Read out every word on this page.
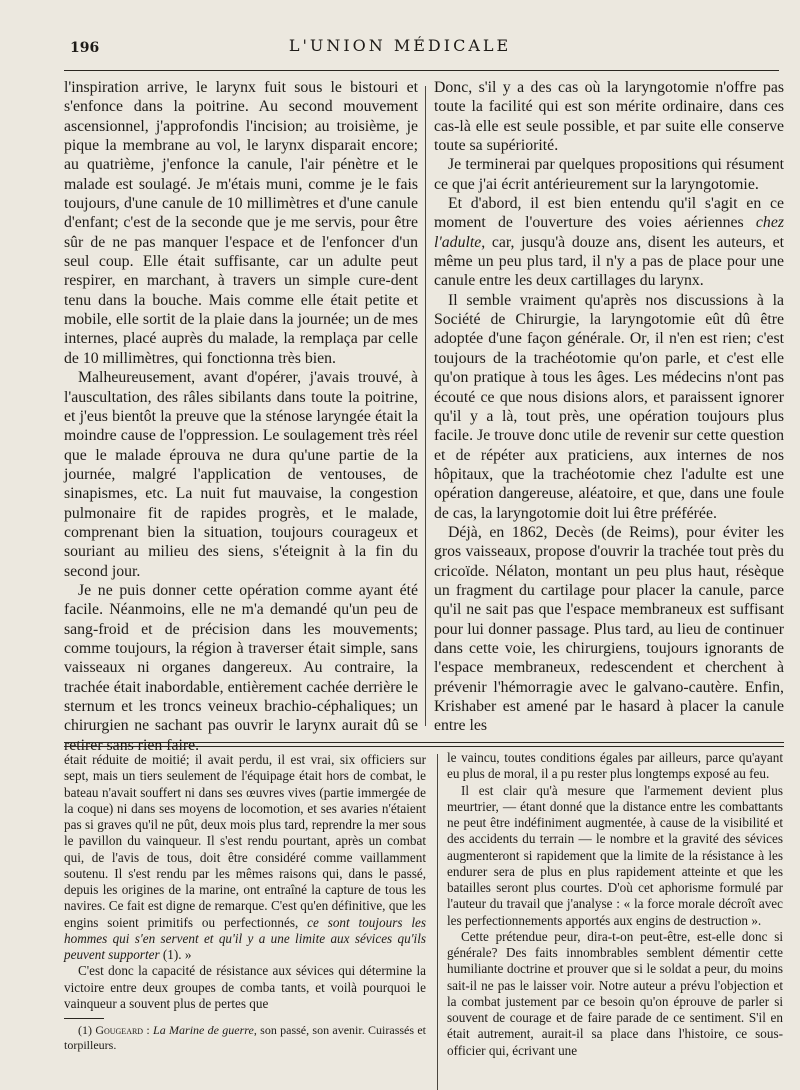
196	L'UNION MÉDICALE

l'inspiration arrive, le larynx fuit sous le bistouri et s'enfonce dans la poitrine. Au second mouvement ascensionnel, j'approfondis l'incision; au troisième, je pique la membrane au vol, le larynx disparait encore; au quatrième, j'enfonce la canule, l'air pénètre et le malade est soulagé. Je m'étais muni, comme je le fais toujours, d'une canule de 10 millimètres et d'une canule d'enfant; c'est de la seconde que je me servis, pour être sûr de ne pas manquer l'espace et de l'enfoncer d'un seul coup. Elle était suffisante, car un adulte peut respirer, en marchant, à travers un simple cure-dent tenu dans la bouche. Mais comme elle était petite et mobile, elle sortit de la plaie dans la journée; un de mes internes, placé auprès du malade, la remplaça par celle de 10 millimètres, qui fonctionna très bien.

Malheureusement, avant d'opérer, j'avais trouvé, à l'auscultation, des râles sibilants dans toute la poitrine, et j'eus bientôt la preuve que la sténose laryngée était la moindre cause de l'oppression. Le soulagement très réel que le malade éprouva ne dura qu'une partie de la journée, malgré l'application de ventouses, de sinapismes, etc. La nuit fut mauvaise, la congestion pulmonaire fit de rapides progrès, et le malade, comprenant bien la situation, toujours courageux et souriant au milieu des siens, s'éteignit à la fin du second jour.

Je ne puis donner cette opération comme ayant été facile. Néanmoins, elle ne m'a demandé qu'un peu de sang-froid et de précision dans les mouvements; comme toujours, la région à traverser était simple, sans vaisseaux ni organes dangereux. Au contraire, la trachée était inabordable, entièrement cachée derrière le sternum et les troncs veineux brachio-céphaliques; un chirurgien ne sachant pas ouvrir le larynx aurait dû se retirer sans rien faire.

Donc, s'il y a des cas où la laryngotomie n'offre pas toute la facilité qui est son mérite ordinaire, dans ces cas-là elle est seule possible, et par suite elle conserve toute sa supériorité.

Je terminerai par quelques propositions qui résument ce que j'ai écrit antérieurement sur la laryngotomie.

Et d'abord, il est bien entendu qu'il s'agit en ce moment de l'ouverture des voies aériennes chez l'adulte, car, jusqu'à douze ans, disent les auteurs, et même un peu plus tard, il n'y a pas de place pour une canule entre les deux cartillages du larynx.

Il semble vraiment qu'après nos discussions à la Société de Chirurgie, la laryngotomie eût dû être adoptée d'une façon générale. Or, il n'en est rien; c'est toujours de la trachéotomie qu'on parle, et c'est elle qu'on pratique à tous les âges. Les médecins n'ont pas écouté ce que nous disions alors, et paraissent ignorer qu'il y a là, tout près, une opération toujours plus facile. Je trouve donc utile de revenir sur cette question et de répéter aux praticiens, aux internes de nos hôpitaux, que la trachéotomie chez l'adulte est une opération dangereuse, aléatoire, et que, dans une foule de cas, la laryngotomie doit lui être préférée.

Déjà, en 1862, Decès (de Reims), pour éviter les gros vaisseaux, propose d'ouvrir la trachée tout près du cricoïde. Nélaton, montant un peu plus haut, résèque un fragment du cartilage pour placer la canule, parce qu'il ne sait pas que l'espace membraneux est suffisant pour lui donner passage. Plus tard, au lieu de continuer dans cette voie, les chirurgiens, toujours ignorants de l'espace membraneux, redescendent et cherchent à prévenir l'hémorragie avec le galvano-cautère. Enfin, Krishaber est amené par le hasard à placer la canule entre les

était réduite de moitié; il avait perdu, il est vrai, six officiers sur sept, mais un tiers seulement de l'équipage était hors de combat, le bateau n'avait souffert ni dans ses œuvres vives (partie immergée de la coque) ni dans ses moyens de locomotion, et ses avaries n'étaient pas si graves qu'il ne pût, deux mois plus tard, reprendre la mer sous le pavillon du vainqueur. Il s'est rendu pourtant, après un combat qui, de l'avis de tous, doit être considéré comme vaillamment soutenu. Il s'est rendu par les mêmes raisons qui, dans le passé, depuis les origines de la marine, ont entraîné la capture de tous les navires. Ce fait est digne de remarque. C'est qu'en définitive, que les engins soient primitifs ou perfectionnés, ce sont toujours les hommes qui s'en servent et qu'il y a une limite aux sévices qu'ils peuvent supporter (1). »

C'est donc la capacité de résistance aux sévices qui détermine la victoire entre deux groupes de comba tants, et voilà pourquoi le vainqueur a souvent plus de pertes que

(1) Gougeard : La Marine de guerre, son passé, son avenir. Cuirassés et torpilleurs.

le vaincu, toutes conditions égales par ailleurs, parce qu'ayant eu plus de moral, il a pu rester plus longtemps exposé au feu.

Il est clair qu'à mesure que l'armement devient plus meurtrier, — étant donné que la distance entre les combattants ne peut être indéfiniment augmentée, à cause de la visibilité et des accidents du terrain — le nombre et la gravité des sévices augmenteront si rapidement que la limite de la résistance à les endurer sera de plus en plus rapidement atteinte et que les batailles seront plus courtes. D'où cet aphorisme formulé par l'auteur du travail que j'analyse : « la force morale décroît avec les perfectionnements apportés aux engins de destruction ».

Cette prétendue peur, dira-t-on peut-être, est-elle donc si générale? Des faits innombrables semblent démentir cette humiliante doctrine et prouver que si le soldat a peur, du moins sait-il ne pas le laisser voir. Notre auteur a prévu l'objection et la combat justement par ce besoin qu'on éprouve de parler si souvent de courage et de faire parade de ce sentiment. S'il en était autrement, aurait-il sa place dans l'histoire, ce sous-officier qui, écrivant une
